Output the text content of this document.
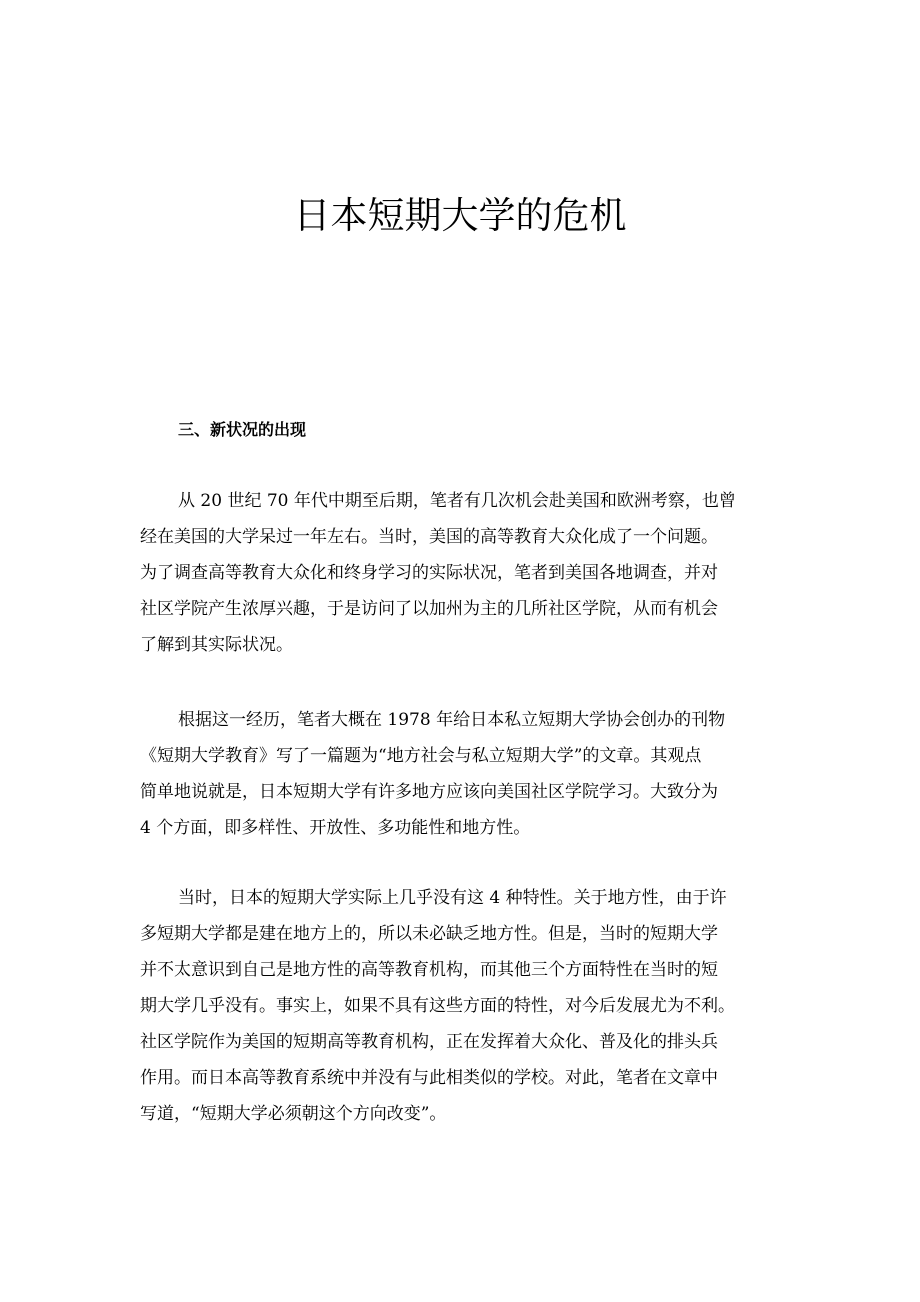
日本短期大学的危机
三、新状况的出现
从 20 世纪 70 年代中期至后期，笔者有几次机会赴美国和欧洲考察，也曾
经在美国的大学呆过一年左右。当时，美国的高等教育大众化成了一个问题。
为了调查高等教育大众化和终身学习的实际状况，笔者到美国各地调查，并对
社区学院产生浓厚兴趣，于是访问了以加州为主的几所社区学院，从而有机会
了解到其实际状况。
根据这一经历，笔者大概在 1978 年给日本私立短期大学协会创办的刊物
《短期大学教育》写了一篇题为“地方社会与私立短期大学”的文章。其观点
简单地说就是，日本短期大学有许多地方应该向美国社区学院学习。大致分为
4 个方面，即多样性、开放性、多功能性和地方性。
当时，日本的短期大学实际上几乎没有这 4 种特性。关于地方性，由于许
多短期大学都是建在地方上的，所以未必缺乏地方性。但是，当时的短期大学
并不太意识到自己是地方性的高等教育机构，而其他三个方面特性在当时的短
期大学几乎没有。事实上，如果不具有这些方面的特性，对今后发展尤为不利。
社区学院作为美国的短期高等教育机构，正在发挥着大众化、普及化的排头兵
作用。而日本高等教育系统中并没有与此相类似的学校。对此，笔者在文章中
写道，“短期大学必须朝这个方向改变”。
